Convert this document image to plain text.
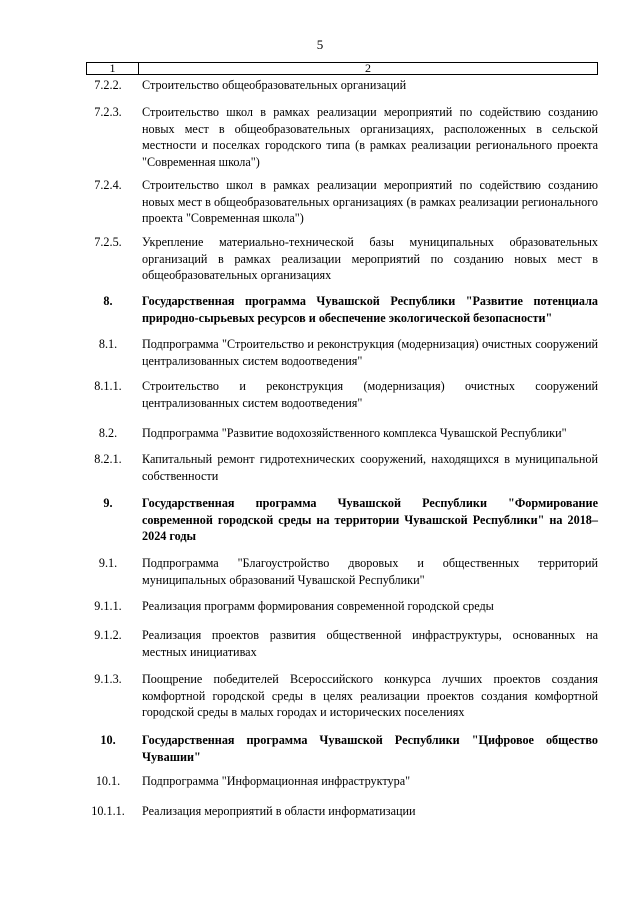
5
1	2
7.2.2.	Строительство общеобразовательных организаций
7.2.3.	Строительство школ в рамках реализации мероприятий по содействию созданию новых мест в общеобразовательных организациях, расположенных в сельской местности и поселках городского типа (в рамках реализации регионального проекта "Современная школа")
7.2.4.	Строительство школ в рамках реализации мероприятий по содействию созданию новых мест в общеобразовательных организациях (в рамках реализации регионального проекта "Современная школа")
7.2.5.	Укрепление материально-технической базы муниципальных образовательных организаций в рамках реализации мероприятий по созданию новых мест в общеобразовательных организациях
8.	Государственная программа Чувашской Республики "Развитие потенциала природно-сырьевых ресурсов и обеспечение экологической безопасности"
8.1.	Подпрограмма "Строительство и реконструкция (модернизация) очистных сооружений централизованных систем водоотведения"
8.1.1.	Строительство и реконструкция (модернизация) очистных сооружений централизованных систем водоотведения"
8.2.	Подпрограмма "Развитие водохозяйственного комплекса Чувашской Республики"
8.2.1.	Капитальный ремонт гидротехнических сооружений, находящихся в муниципальной собственности
9.	Государственная программа Чувашской Республики "Формирование современной городской среды на территории Чувашской Республики" на 2018–2024 годы
9.1.	Подпрограмма "Благоустройство дворовых и общественных территорий муниципальных образований Чувашской Республики"
9.1.1.	Реализация программ формирования современной городской среды
9.1.2.	Реализация проектов развития общественной инфраструктуры, основанных на местных инициативах
9.1.3.	Поощрение победителей Всероссийского конкурса лучших проектов создания комфортной городской среды в целях реализации проектов создания комфортной городской среды в малых городах и исторических поселениях
10.	Государственная программа Чувашской Республики "Цифровое общество Чувашии"
10.1.	Подпрограмма "Информационная инфраструктура"
10.1.1.	Реализация мероприятий в области информатизации
